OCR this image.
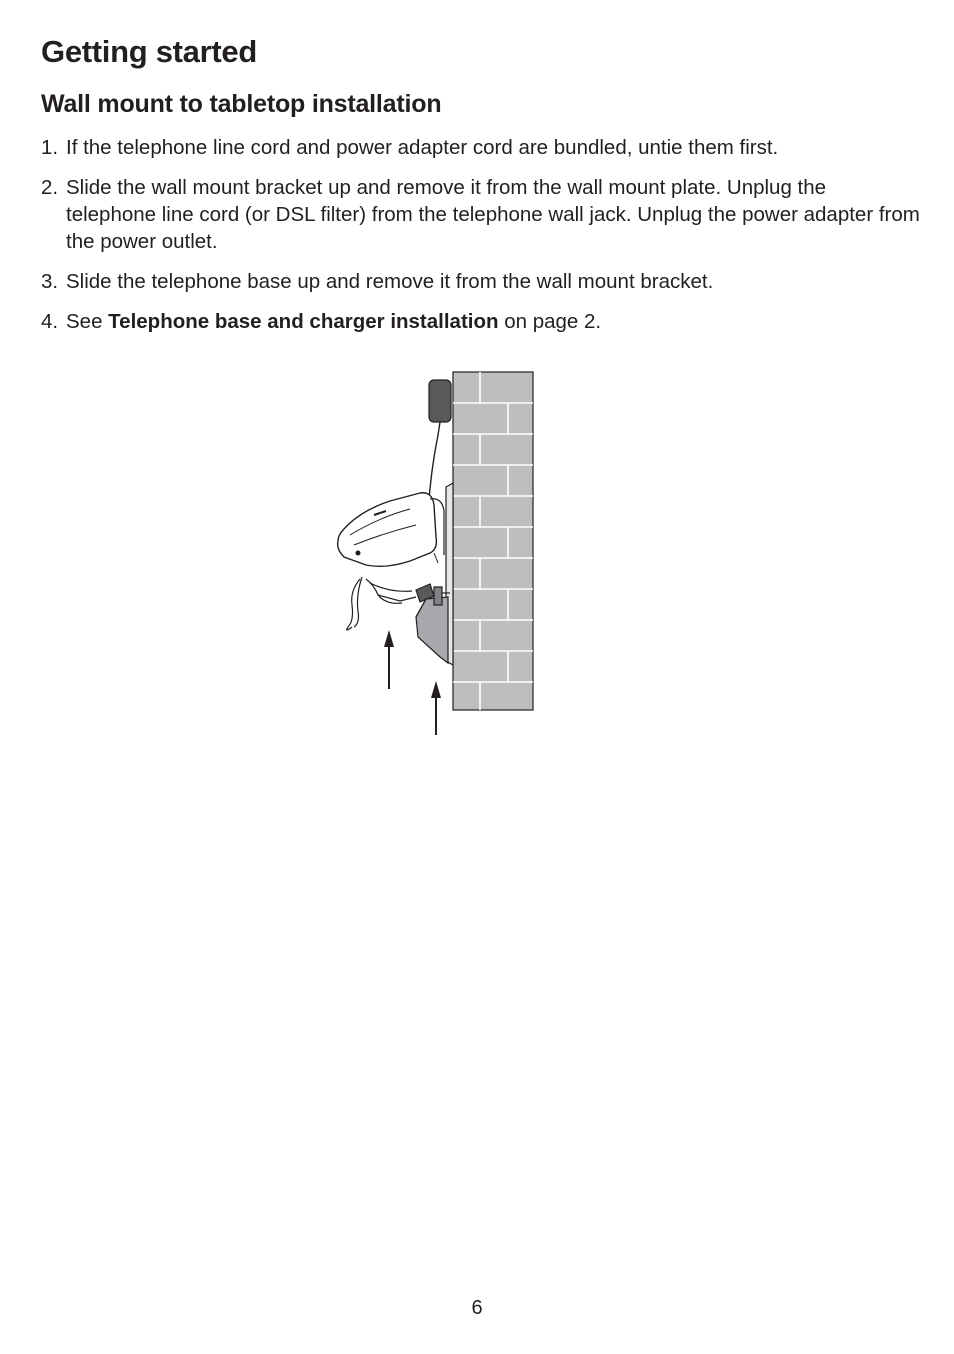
Getting started
Wall mount to tabletop installation
1. If the telephone line cord and power adapter cord are bundled, untie them first.
2. Slide the wall mount bracket up and remove it from the wall mount plate. Unplug the telephone line cord (or DSL filter) from the telephone wall jack. Unplug the power adapter from the power outlet.
3. Slide the telephone base up and remove it from the wall mount bracket.
4. See Telephone base and charger installation on page 2.
6
